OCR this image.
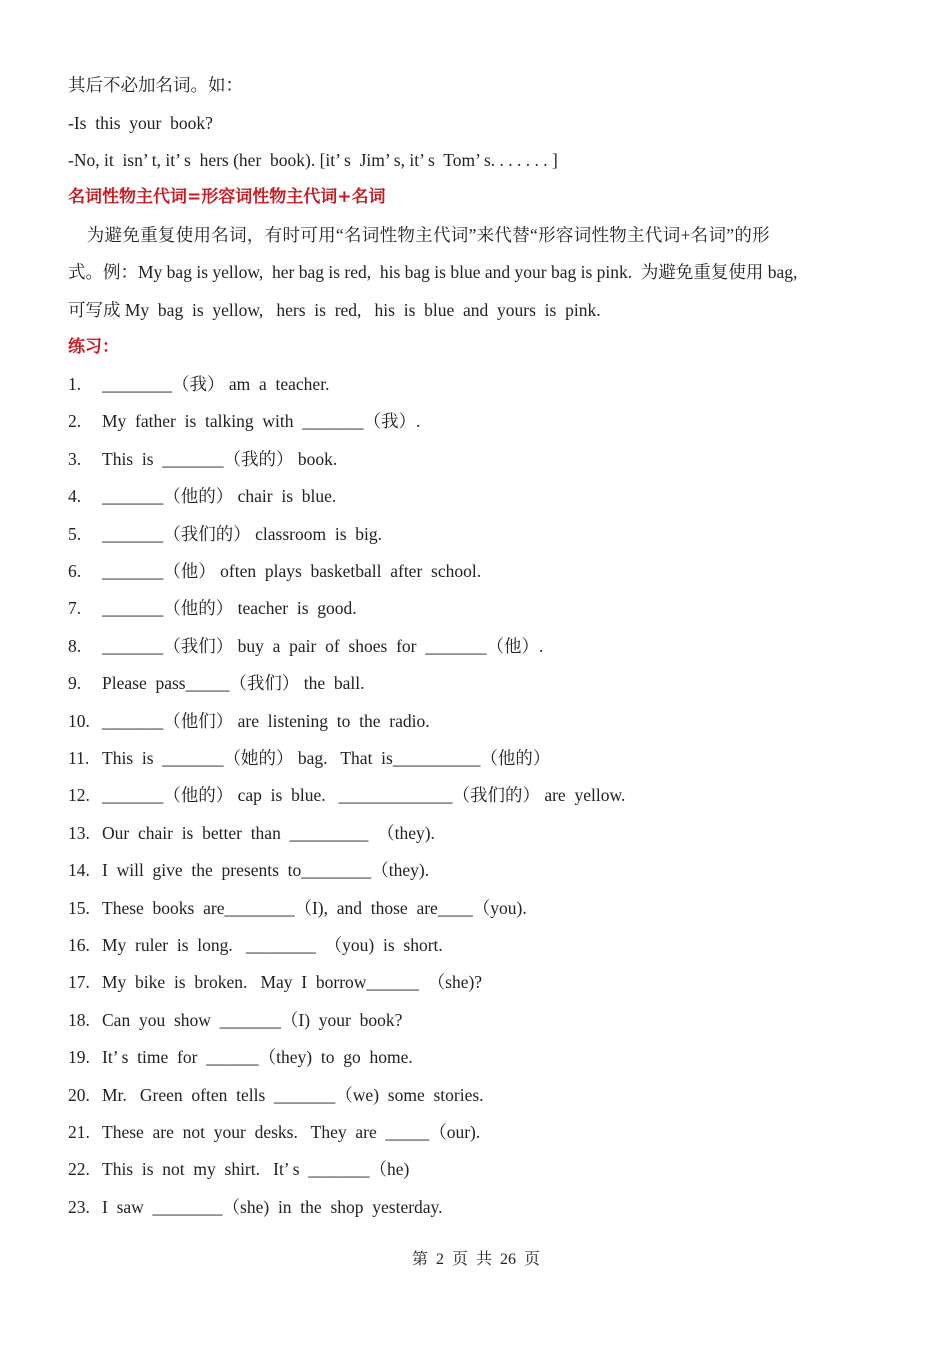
其后不必加名词。如：
-Is  this  your  book?
-No, it  isn’ t, it’ s  hers (her  book). [it’ s  Jim’ s, it’ s  Tom’ s. . . . . . . ]
名词性物主代词=形容词性物主代词+名词
为避免重复使用名词，有时可用“名词性物主代词”来代替“形容词性物主代词+名词”的形
式。例：My bag is yellow,  her bag is red,  his bag is blue and your bag is pink.  为避免重复使用 bag,
可写成 My  bag  is  yellow,   hers  is  red,   his  is  blue  and  yours  is  pink.
练习：
1. ________（我） am  a  teacher.
2. My  father  is  talking  with  _______（我）.
3. This  is  _______（我的） book.
4. _______（他的） chair  is  blue.
5. _______（我们的） classroom  is  big.
6. _______（他） often  plays  basketball  after  school.
7. _______（他的） teacher  is  good.
8. _______（我们） buy  a  pair  of  shoes  for  _______（他）.
9. Please  pass_____（我们） the  ball.
10. _______（他们） are  listening  to  the  radio.
11. This  is  _______（她的） bag.   That  is__________（他的）
12. _______（他的） cap  is  blue.   _____________（我们的） are  yellow.
13. Our  chair  is  better  than  _________  （they).
14. I  will  give  the  presents  to________（they).
15. These  books  are________（I),  and  those  are____（you).
16. My  ruler  is  long.   ________  （you)  is  short.
17. My  bike  is  broken.   May  I  borrow______  （she)?
18. Can  you  show  _______（I)  your  book?
19. It’ s  time  for  ______（they)  to  go  home.
20. Mr.   Green  often  tells  _______（we)  some  stories.
21. These  are  not  your  desks.   They  are  _____（our).
22. This  is  not  my  shirt.   It’ s  _______（he)
23. I  saw  ________（she)  in  the  shop  yesterday.
第  2  页  共  26  页
